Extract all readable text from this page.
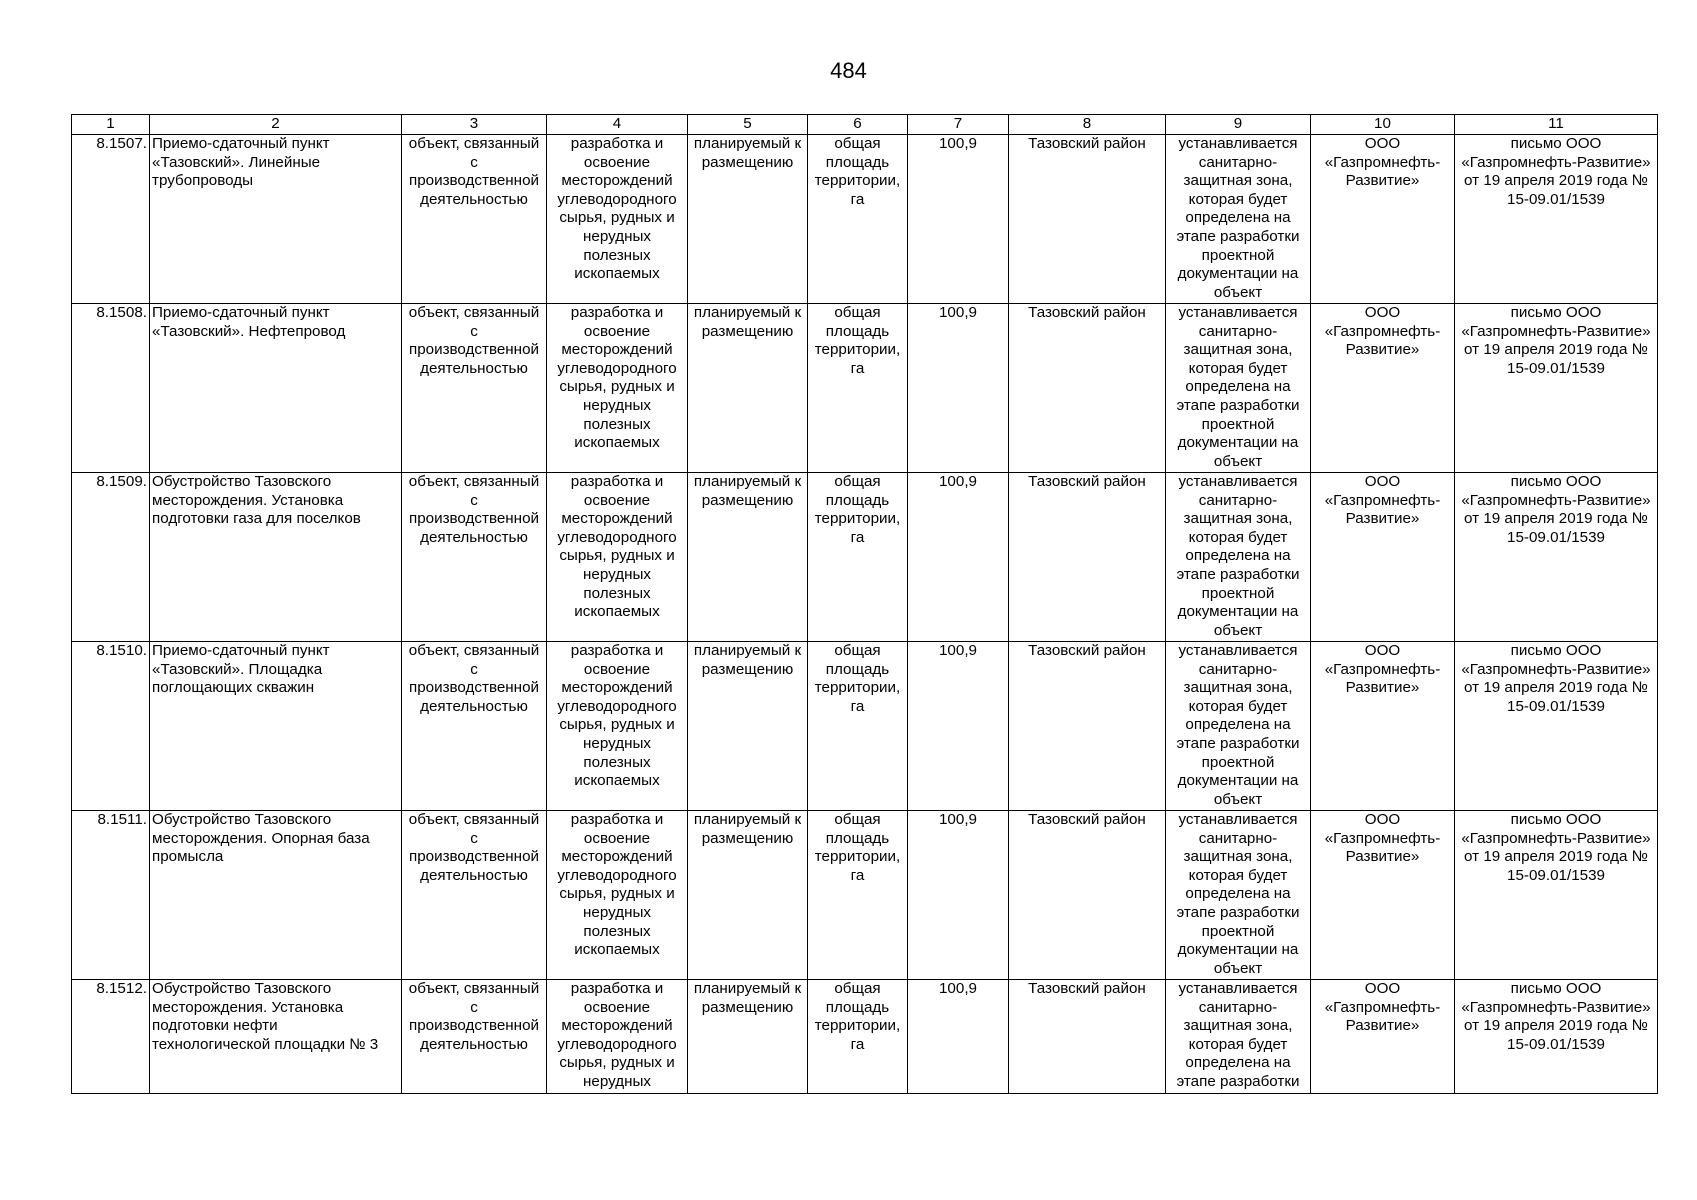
484
1	2	3	4	5	6	7	8	9	10	11

8.1507.	Приемо-сдаточный пункт «Тазовский». Линейные трубопроводы	объект, связанный с производственной деятельностью	разработка и освоение месторождений углеводородного сырья, рудных и нерудных полезных ископаемых	планируемый к размещению	общая площадь территории, га	100,9	Тазовский район	устанавливается санитарно-защитная зона, которая будет определена на этапе разработки проектной документации на объект	ООО «Газпромнефть-Развитие»	письмо ООО «Газпромнефть-Развитие» от 19 апреля 2019 года № 15-09.01/1539

8.1508.	Приемо-сдаточный пункт «Тазовский». Нефтепровод	объект, связанный с производственной деятельностью	разработка и освоение месторождений углеводородного сырья, рудных и нерудных полезных ископаемых	планируемый к размещению	общая площадь территории, га	100,9	Тазовский район	устанавливается санитарно-защитная зона, которая будет определена на этапе разработки проектной документации на объект	ООО «Газпромнефть-Развитие»	письмо ООО «Газпромнефть-Развитие» от 19 апреля 2019 года № 15-09.01/1539

8.1509.	Обустройство Тазовского месторождения. Установка подготовки газа для поселков	объект, связанный с производственной деятельностью	разработка и освоение месторождений углеводородного сырья, рудных и нерудных полезных ископаемых	планируемый к размещению	общая площадь территории, га	100,9	Тазовский район	устанавливается санитарно-защитная зона, которая будет определена на этапе разработки проектной документации на объект	ООО «Газпромнефть-Развитие»	письмо ООО «Газпромнефть-Развитие» от 19 апреля 2019 года № 15-09.01/1539

8.1510.	Приемо-сдаточный пункт «Тазовский». Площадка поглощающих скважин	объект, связанный с производственной деятельностью	разработка и освоение месторождений углеводородного сырья, рудных и нерудных полезных ископаемых	планируемый к размещению	общая площадь территории, га	100,9	Тазовский район	устанавливается санитарно-защитная зона, которая будет определена на этапе разработки проектной документации на объект	ООО «Газпромнефть-Развитие»	письмо ООО «Газпромнефть-Развитие» от 19 апреля 2019 года № 15-09.01/1539

8.1511.	Обустройство Тазовского месторождения. Опорная база промысла	объект, связанный с производственной деятельностью	разработка и освоение месторождений углеводородного сырья, рудных и нерудных полезных ископаемых	планируемый к размещению	общая площадь территории, га	100,9	Тазовский район	устанавливается санитарно-защитная зона, которая будет определена на этапе разработки проектной документации на объект	ООО «Газпромнефть-Развитие»	письмо ООО «Газпромнефть-Развитие» от 19 апреля 2019 года № 15-09.01/1539

8.1512.	Обустройство Тазовского месторождения. Установка подготовки нефти технологической площадки № 3	объект, связанный с производственной деятельностью	разработка и освоение месторождений углеводородного сырья, рудных и нерудных	планируемый к размещению	общая площадь территории, га	100,9	Тазовский район	устанавливается санитарно-защитная зона, которая будет определена на этапе разработки	ООО «Газпромнефть-Развитие»	письмо ООО «Газпромнефть-Развитие» от 19 апреля 2019 года № 15-09.01/1539
